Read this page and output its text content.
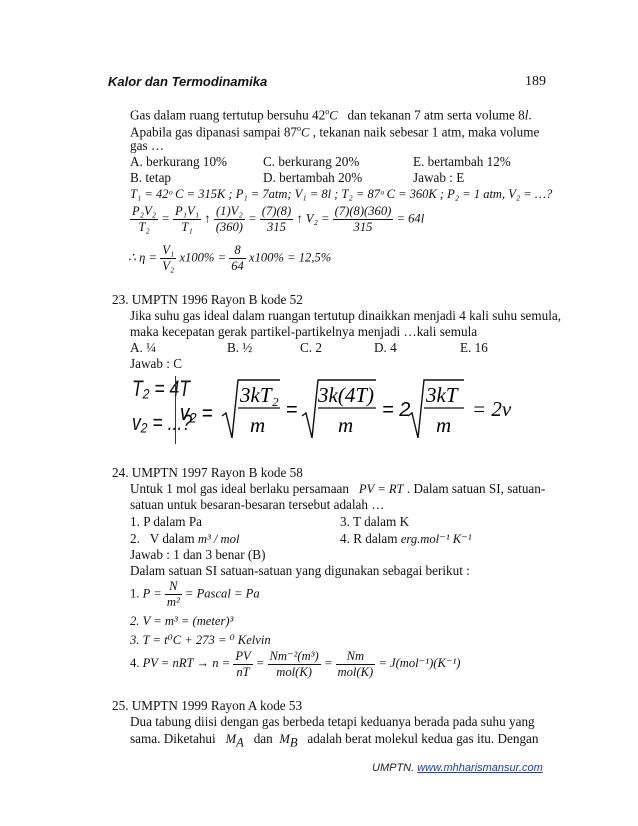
Kalor dan Termodinamika	189
Gas dalam ruang tertutup bersuhu 42$^o$C dan tekanan 7 atm serta volume 8l.
Apabila gas dipanasi sampai 87$^o$C , tekanan naik sebesar 1 atm, maka volume
gas …
A. berkurang 10%	C. berkurang 20%	E. bertambah 12%
B. tetap	D. bertambah 20%	Jawab : E
T₁ = 42ᵒ C = 315K ; P₁ = 7atm; V₁ = 8l ; T₂ = 87ᵒ C = 360K ; P₂ = 1 atm, V₂ = …?
$\frac{\text{P₂V₂}}{\text{T₂}} = \frac{\text{P₁V₁}}{\text{T₁}}$ ↑ $\frac{\text{(1)V₂}}{(360)} = \frac{(7)(8)}{315}$ ↑ $V_2 = \frac{(7)(8)(360)}{315} = 64l$
∴ $\eta = \frac{\text{V₁}}{\text{V₂}} x100\% = \frac{8}{64} x100\% = 12,5\%$
23. UMPTN 1996 Rayon B kode 52
Jika suhu gas ideal dalam ruangan tertutup dinaikkan menjadi 4 kali suhu semula,
maka kecepatan gerak partikel-partikelnya menjadi …kali semula
A. ¼	B. ½	C. 2	D. 4	E. 16
Jawab : C
T₂ = 4T
v₂ = ...?
v₂ =
3kT₂
m
=
3k(4T)
m
= 2
3kT
m
= 2v
24. UMPTN 1997 Rayon B kode 58
Untuk 1 mol gas ideal berlaku persamaan PV = RT . Dalam satuan SI, satuan-
satuan untuk besaran-besaran tersebut adalah …
1. P dalam Pa	3. T dalam K
2. V dalam m³ / mol	4. R dalam erg.mol⁻¹ K⁻¹
Jawab : 1 dan 3 benar (B)
Dalam satuan SI satuan-satuan yang digunakan sebagai berikut :
1. $P = \frac{N}{\text{m²}}$ = Pascal = Pa
2. V = m³ = (meter)³
3. T = t⁰C + 273 = ⁰ Kelvin
4. PV = nRT → $n = \frac{PV}{nT} = \frac{\text{Nm⁻²(m³)}}{\text{mol(K)}} = \frac{Nm}{\text{mol(K)}} = J(mol^{-1})(K^{-1})$
25. UMPTN 1999 Rayon A kode 53
Dua tabung diisi dengan gas berbeda tetapi keduanya berada pada suhu yang
sama. Diketahui $M_A$ dan $M_B$ adalah berat molekul kedua gas itu. Dengan
UMPTN. www.mhharismansur.com
